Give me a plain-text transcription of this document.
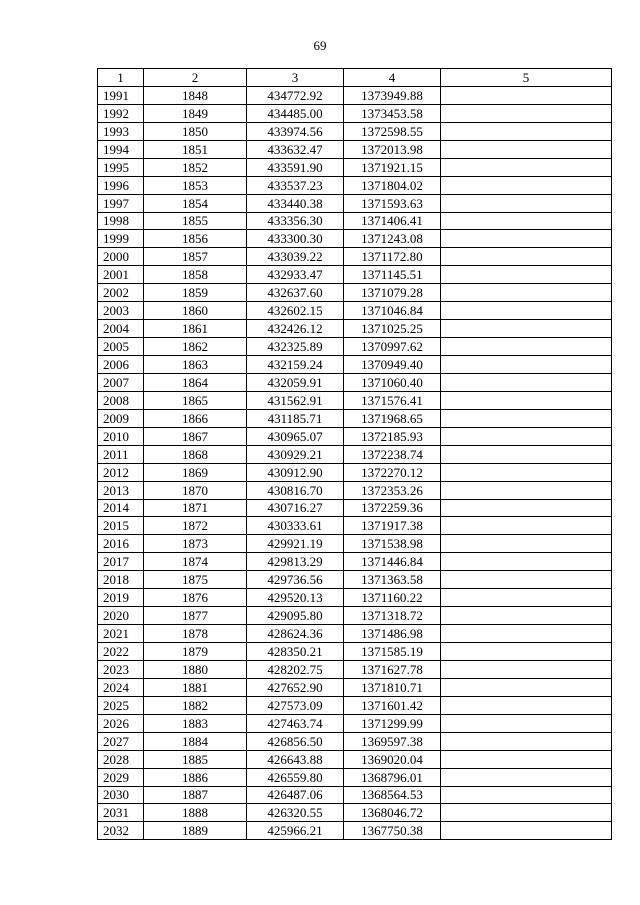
69
1	2	3	4	5
1991	1848	434772.92	1373949.88	
1992	1849	434485.00	1373453.58	
1993	1850	433974.56	1372598.55	
1994	1851	433632.47	1372013.98	
1995	1852	433591.90	1371921.15	
1996	1853	433537.23	1371804.02	
1997	1854	433440.38	1371593.63	
1998	1855	433356.30	1371406.41	
1999	1856	433300.30	1371243.08	
2000	1857	433039.22	1371172.80	
2001	1858	432933.47	1371145.51	
2002	1859	432637.60	1371079.28	
2003	1860	432602.15	1371046.84	
2004	1861	432426.12	1371025.25	
2005	1862	432325.89	1370997.62	
2006	1863	432159.24	1370949.40	
2007	1864	432059.91	1371060.40	
2008	1865	431562.91	1371576.41	
2009	1866	431185.71	1371968.65	
2010	1867	430965.07	1372185.93	
2011	1868	430929.21	1372238.74	
2012	1869	430912.90	1372270.12	
2013	1870	430816.70	1372353.26	
2014	1871	430716.27	1372259.36	
2015	1872	430333.61	1371917.38	
2016	1873	429921.19	1371538.98	
2017	1874	429813.29	1371446.84	
2018	1875	429736.56	1371363.58	
2019	1876	429520.13	1371160.22	
2020	1877	429095.80	1371318.72	
2021	1878	428624.36	1371486.98	
2022	1879	428350.21	1371585.19	
2023	1880	428202.75	1371627.78	
2024	1881	427652.90	1371810.71	
2025	1882	427573.09	1371601.42	
2026	1883	427463.74	1371299.99	
2027	1884	426856.50	1369597.38	
2028	1885	426643.88	1369020.04	
2029	1886	426559.80	1368796.01	
2030	1887	426487.06	1368564.53	
2031	1888	426320.55	1368046.72	
2032	1889	425966.21	1367750.38	
